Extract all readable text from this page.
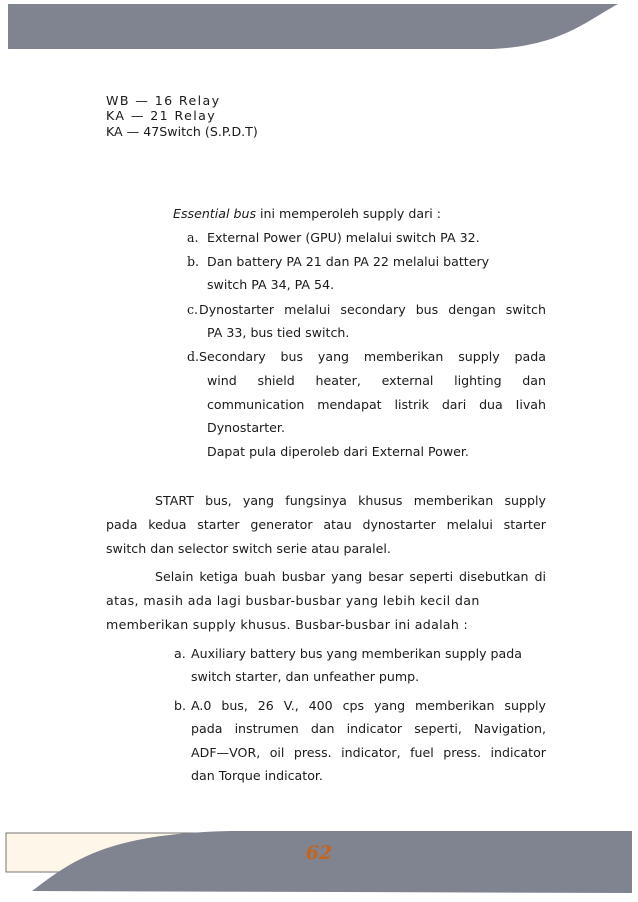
WB — 16 Relay
KA — 21 Relay
KA — 47Switch (S.P.D.T)
Essential bus ini memperoleh supply dari :
a. External Power (GPU) melalui switch PA 32.
b. Dan battery PA 21 dan PA 22 melalui battery
switch PA 34, PA 54.
c. Dynostarter melalui secondary bus dengan switch
PA 33, bus tied switch.
d. Secondary bus yang memberikan supply pada
wind shield heater, external lighting dan
communication mendapat listrik dari dua Iivah
Dynostarter.
Dapat pula diperoleb dari External Power.
START bus, yang fungsinya khusus memberikan supply
pada kedua starter generator atau dynostarter melalui starter
switch dan selector switch serie atau paralel.
Selain ketiga buah busbar yang besar seperti disebutkan di
atas, masih ada lagi busbar-busbar yang lebih kecil dan
memberikan supply khusus. Busbar-busbar ini adalah :
a. Auxiliary battery bus yang memberikan supply pada
switch starter, dan unfeather pump.
b. A.0 bus, 26 V., 400 cps yang memberikan supply
pada instrumen dan indicator seperti, Navigation,
ADF—VOR, oil press. indicator, fuel press. indicator
dan Torque indicator.
62
